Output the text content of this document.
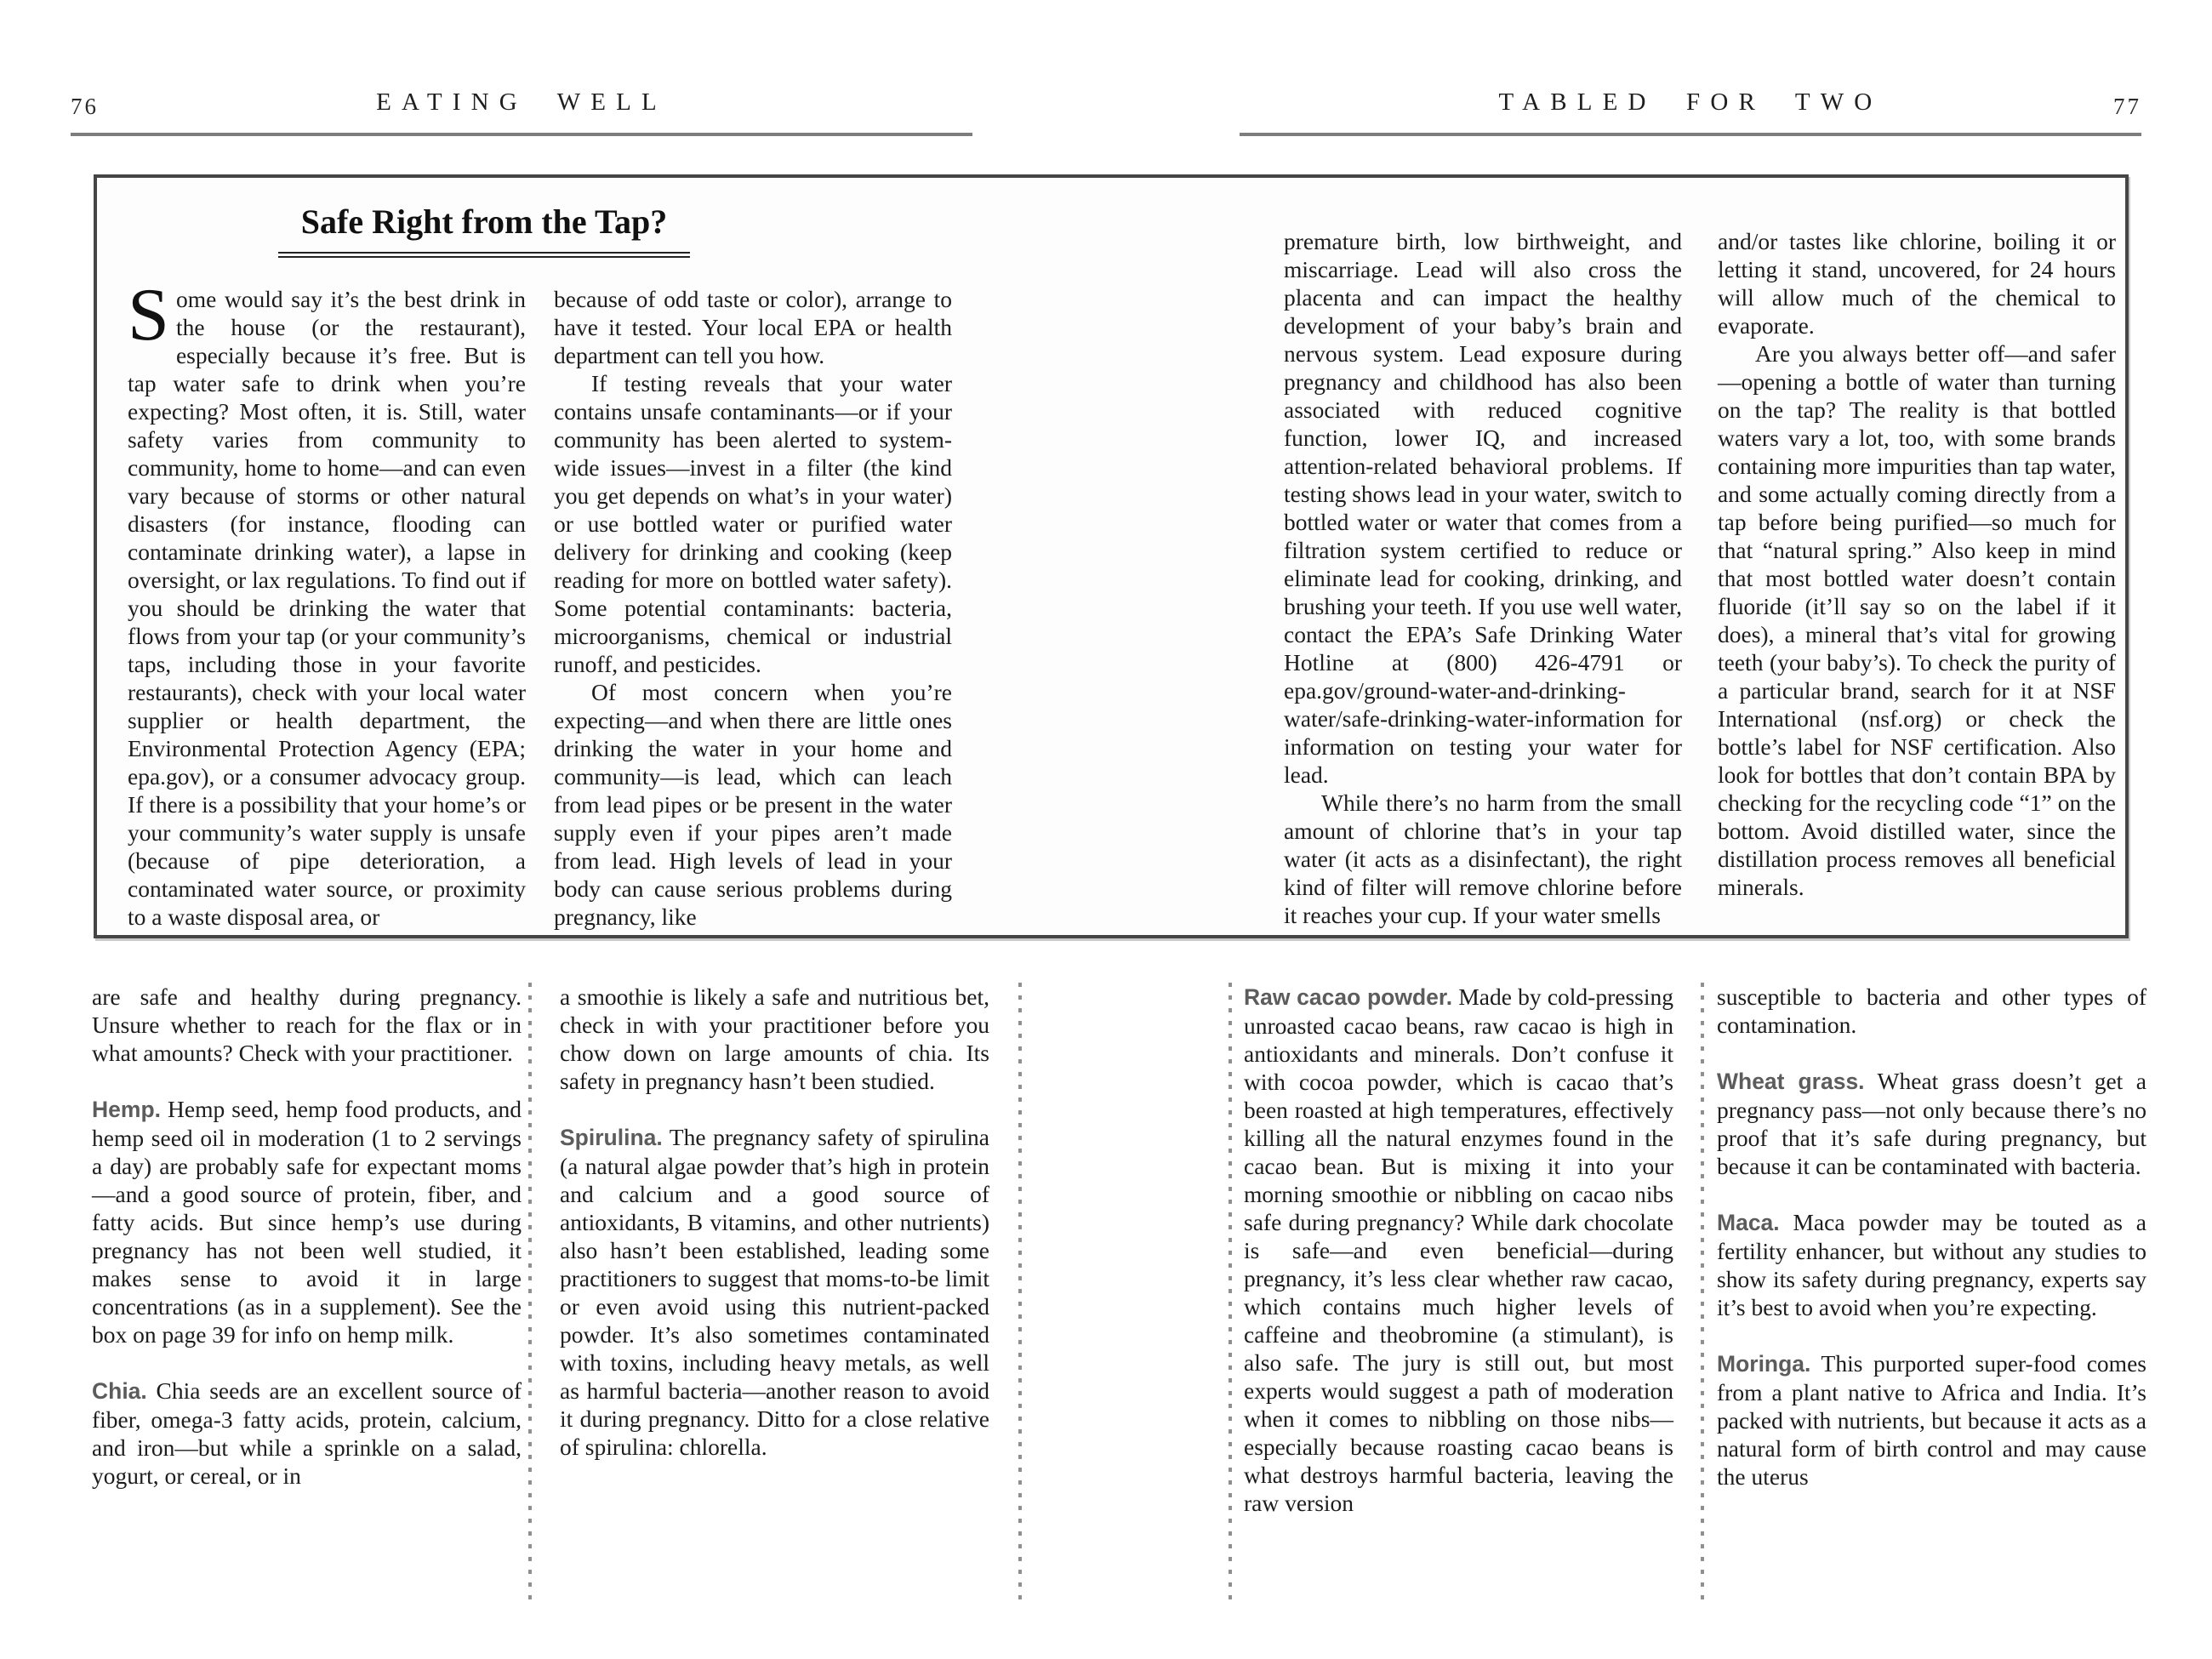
76	EATING WELL	TABLED FOR TWO	77
Safe Right from the Tap?

Some would say it’s the best drink in the house (or the restaurant), especially because it’s free. But is tap water safe to drink when you’re expecting? Most often, it is. Still, water safety varies from community to community, home to home—and can even vary because of storms or other natural disasters (for instance, flooding can contaminate drinking water), a lapse in oversight, or lax regulations. To find out if you should be drinking the water that flows from your tap (or your community’s taps, including those in your favorite restaurants), check with your local water supplier or health department, the Environmental Protection Agency (EPA; epa.gov), or a consumer advocacy group. If there is a possibility that your home’s or your community’s water supply is unsafe (because of pipe deterioration, a contaminated water source, or proximity to a waste disposal area, or

because of odd taste or color), arrange to have it tested. Your local EPA or health department can tell you how.

If testing reveals that your water contains unsafe contaminants—or if your community has been alerted to system-wide issues—invest in a filter (the kind you get depends on what’s in your water) or use bottled water or purified water delivery for drinking and cooking (keep reading for more on bottled water safety). Some potential contaminants: bacteria, microorganisms, chemical or industrial runoff, and pesticides.

Of most concern when you’re expecting—and when there are little ones drinking the water in your home and community—is lead, which can leach from lead pipes or be present in the water supply even if your pipes aren’t made from lead. High levels of lead in your body can cause serious problems during pregnancy, like

premature birth, low birthweight, and miscarriage. Lead will also cross the placenta and can impact the healthy development of your baby’s brain and nervous system. Lead exposure during pregnancy and childhood has also been associated with reduced cognitive function, lower IQ, and increased attention-related behavioral problems. If testing shows lead in your water, switch to bottled water or water that comes from a filtration system certified to reduce or eliminate lead for cooking, drinking, and brushing your teeth. If you use well water, contact the EPA’s Safe Drinking Water Hotline at (800) 426-4791 or epa.gov/ground-water-and-drinking-water/safe-drinking-water-information for information on testing your water for lead.

While there’s no harm from the small amount of chlorine that’s in your tap water (it acts as a disinfectant), the right kind of filter will remove chlorine before it reaches your cup. If your water smells

and/or tastes like chlorine, boiling it or letting it stand, uncovered, for 24 hours will allow much of the chemical to evaporate.

Are you always better off—and safer—opening a bottle of water than turning on the tap? The reality is that bottled waters vary a lot, too, with some brands containing more impurities than tap water, and some actually coming directly from a tap before being purified—so much for that “natural spring.” Also keep in mind that most bottled water doesn’t contain fluoride (it’ll say so on the label if it does), a mineral that’s vital for growing teeth (your baby’s). To check the purity of a particular brand, search for it at NSF International (nsf.org) or check the bottle’s label for NSF certification. Also look for bottles that don’t contain BPA by checking for the recycling code “1” on the bottom. Avoid distilled water, since the distillation process removes all beneficial minerals.

are safe and healthy during pregnancy. Unsure whether to reach for the flax or in what amounts? Check with your practitioner.

Hemp. Hemp seed, hemp food products, and hemp seed oil in moderation (1 to 2 servings a day) are probably safe for expectant moms—and a good source of protein, fiber, and fatty acids. But since hemp’s use during pregnancy has not been well studied, it makes sense to avoid it in large concentrations (as in a supplement). See the box on page 39 for info on hemp milk.

Chia. Chia seeds are an excellent source of fiber, omega-3 fatty acids, protein, calcium, and iron—but while a sprinkle on a salad, yogurt, or cereal, or in

a smoothie is likely a safe and nutritious bet, check in with your practitioner before you chow down on large amounts of chia. Its safety in pregnancy hasn’t been studied.

Spirulina. The pregnancy safety of spirulina (a natural algae powder that’s high in protein and calcium and a good source of antioxidants, B vitamins, and other nutrients) also hasn’t been established, leading some practitioners to suggest that moms-to-be limit or even avoid using this nutrient-packed powder. It’s also sometimes contaminated with toxins, including heavy metals, as well as harmful bacteria—another reason to avoid it during pregnancy. Ditto for a close relative of spirulina: chlorella.

Raw cacao powder. Made by cold-pressing unroasted cacao beans, raw cacao is high in antioxidants and minerals. Don’t confuse it with cocoa powder, which is cacao that’s been roasted at high temperatures, effectively killing all the natural enzymes found in the cacao bean. But is mixing it into your morning smoothie or nibbling on cacao nibs safe during pregnancy? While dark chocolate is safe—and even beneficial—during pregnancy, it’s less clear whether raw cacao, which contains much higher levels of caffeine and theobromine (a stimulant), is also safe. The jury is still out, but most experts would suggest a path of moderation when it comes to nibbling on those nibs—especially because roasting cacao beans is what destroys harmful bacteria, leaving the raw version

susceptible to bacteria and other types of contamination.

Wheat grass. Wheat grass doesn’t get a pregnancy pass—not only because there’s no proof that it’s safe during pregnancy, but because it can be contaminated with bacteria.

Maca. Maca powder may be touted as a fertility enhancer, but without any studies to show its safety during pregnancy, experts say it’s best to avoid when you’re expecting.

Moringa. This purported super-food comes from a plant native to Africa and India. It’s packed with nutrients, but because it acts as a natural form of birth control and may cause the uterus
